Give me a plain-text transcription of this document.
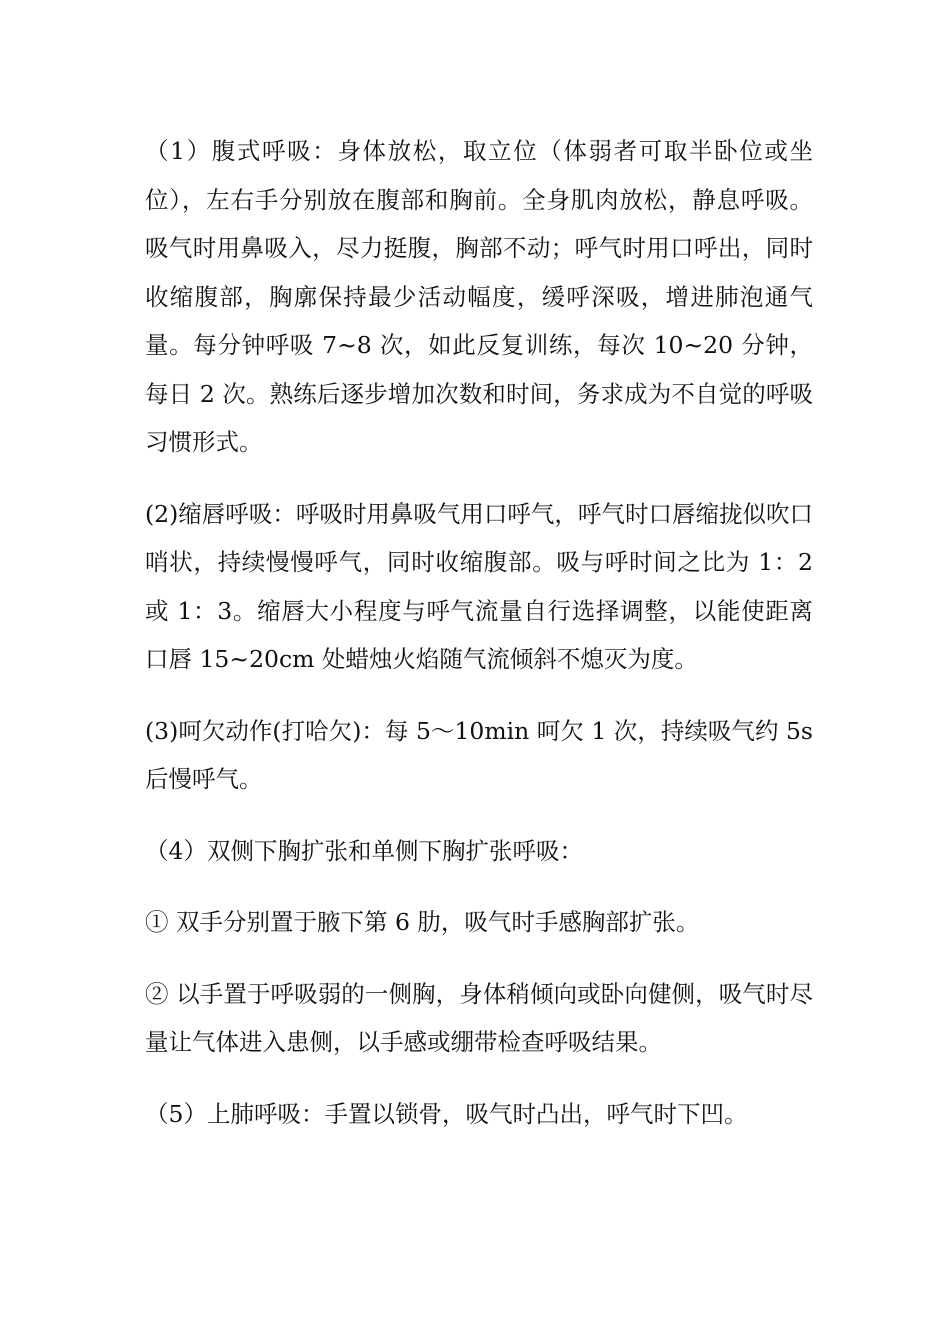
（1）腹式呼吸：身体放松，取立位（体弱者可取半卧位或坐位），左右手分别放在腹部和胸前。全身肌肉放松，静息呼吸。吸气时用鼻吸入，尽力挺腹，胸部不动；呼气时用口呼出，同时收缩腹部，胸廓保持最少活动幅度，缓呼深吸，增进肺泡通气量。每分钟呼吸 7~8 次，如此反复训练，每次 10~20 分钟，每日 2 次。熟练后逐步增加次数和时间，务求成为不自觉的呼吸习惯形式。

(2)缩唇呼吸：呼吸时用鼻吸气用口呼气，呼气时口唇缩拢似吹口哨状，持续慢慢呼气，同时收缩腹部。吸与呼时间之比为 1：2 或 1：3。缩唇大小程度与呼气流量自行选择调整，以能使距离口唇 15~20cm 处蜡烛火焰随气流倾斜不熄灭为度。

(3)呵欠动作(打哈欠)：每 5～10min 呵欠 1 次，持续吸气约 5s 后慢呼气。

（4）双侧下胸扩张和单侧下胸扩张呼吸：

① 双手分别置于腋下第 6 肋，吸气时手感胸部扩张。

② 以手置于呼吸弱的一侧胸，身体稍倾向或卧向健侧，吸气时尽量让气体进入患侧，以手感或绷带检查呼吸结果。

（5）上肺呼吸：手置以锁骨，吸气时凸出，呼气时下凹。
